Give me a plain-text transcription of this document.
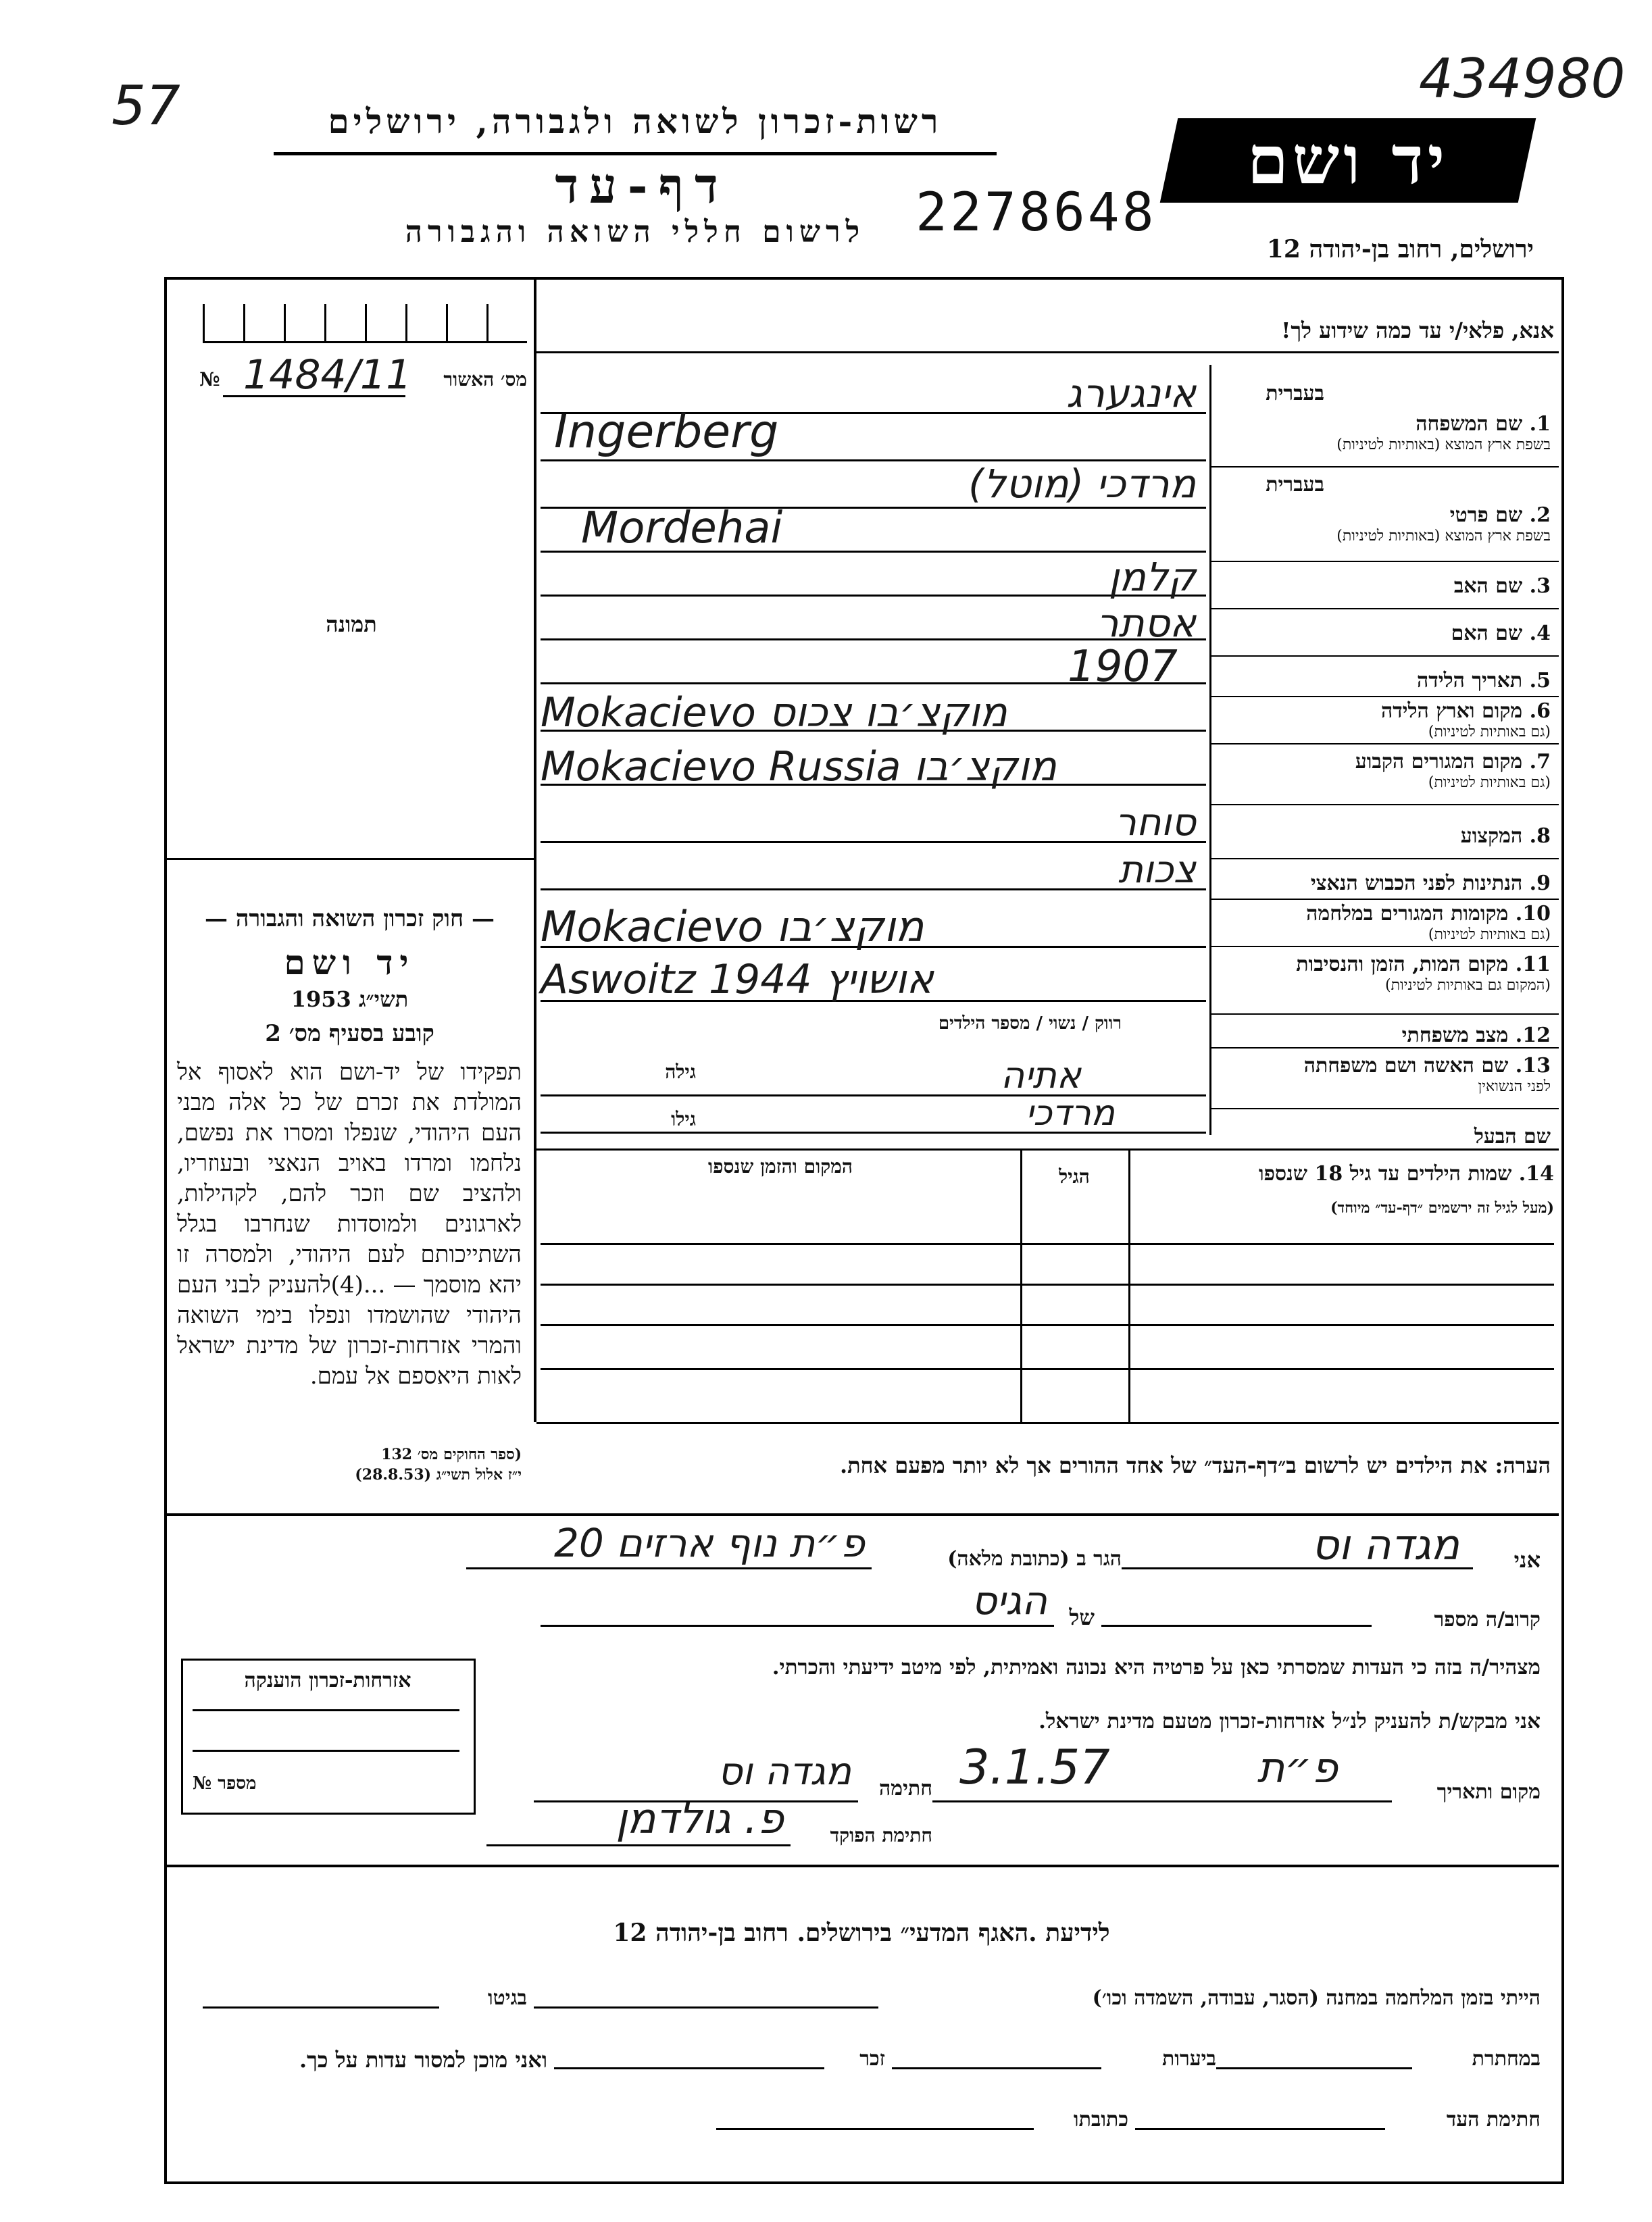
57	434980
רשות-זכרון לשואה ולגבורה, ירושלים
דף-עד
לרשום חללי השואה והגבורה 2278648
יד ושם
ירושלים, רחוב בן-יהודה 12
מס׳ האשור
№ 1484/11
תמונה
— חוק זכרון השואה והגבורה —
יד ושם
תשי״ג 1953
קובע בסעיף מס׳ 2
תפקידו של יד-ושם הוא לאסוף אל המולדת את זכרם של כל אלה מבני העם היהודי, שנפלו ומסרו את נפשם, נלחמו ומרדו באויב הנאצי ובעוזריו, ולהציב שם וזכר להם, לקהילות, לארגונים ולמוסדות שנחרבו בגלל השתייכותם לעם היהודי, ולמסרה זו יהא מוסמך — ...(4)להעניק לבני העם היהודי שהושמדו ונפלו בימי השואה והמרי אזרחות-זכרון של מדינת ישראל לאות היאספם אל עמם.
(ספר החוקים מס׳ 132
י״ז אלול תשי״ג (28.8.53)
אנא, פלאי/י עד כמה שידוע לך!
בעברית
בעברית
1. שם המשפחה
בשפת ארץ המוצא (באותיות לטיניות)
2. שם פרטי
בשפת ארץ המוצא (באותיות לטיניות)
3. שם האב
4. שם האם
5. תאריך הלידה
6. מקום וארץ הלידה
(גם באותיות לטיניות)
7. מקום המגורים הקבוע
(גם באותיות לטיניות)
8. המקצוע
9. הנתינות לפני הכבוש הנאצי
10. מקומות המגורים במלחמה
(גם באותיות לטיניות)
11. מקום המות, הזמן והנסיבות
(המקום גם באותיות לטיניות)
12. מצב משפחתי
13. שם האשה ושם משפחתה
לפני הנשואין
שם הבעל
אינגערג
Ingerberg
מרדכי (מוטל)
Mordehai
קלמן
אסתר
1907
Mokacievo מוקצ׳בו צכוס
Mokacievo Russia מוקצ׳בו
סוחר
צכות
Mokacievo מוקצ׳בו
Aswoitz 1944 אושויץ
רווק / נשוי / מספר הילדים
אתיה
גילה
מרדכי
גילו
14. שמות הילדים עד גיל 18 שנספו
(מעל לגיל זה ירשמים ״דף-עד״ מיוחד)
הגיל
המקום והזמן שנספו
הערה: את הילדים יש לרשום ב״דף-העד״ של אחד ההורים אך לא יותר מפעם אחת.
אני
מגדה וס
הגר ב (כתובת מלאה)
פ״ת נוף ארזים 20
קרוב/ה מספר
של
הגיס
מצהיר/ה בזה כי העדות שמסרתי כאן על פרטיה היא נכונה ואמיתית, לפי מיטב ידיעתי והכרתי.
אני מבקש/ת להעניק לנ״ל אזרחות-זכרון מטעם מדינת ישראל.
מקום ותאריך
פ״ת
3.1.57
חתימה
מגדה וס
חתימת הפוקד
פ. גולדמן
אזרחות-זכרון הוענקה
מספר №
לידיעת .האגף המדעי״ בירושלים. רחוב בן-יהודה 12
הייתי בזמן המלחמה במחנה (הסגר, עבודה, השמדה וכו׳)
בגיטו
במחתרת
ביערות
זכר
ואני מוכן למסור עדות על כך.
חתימת העד
כתובתו
